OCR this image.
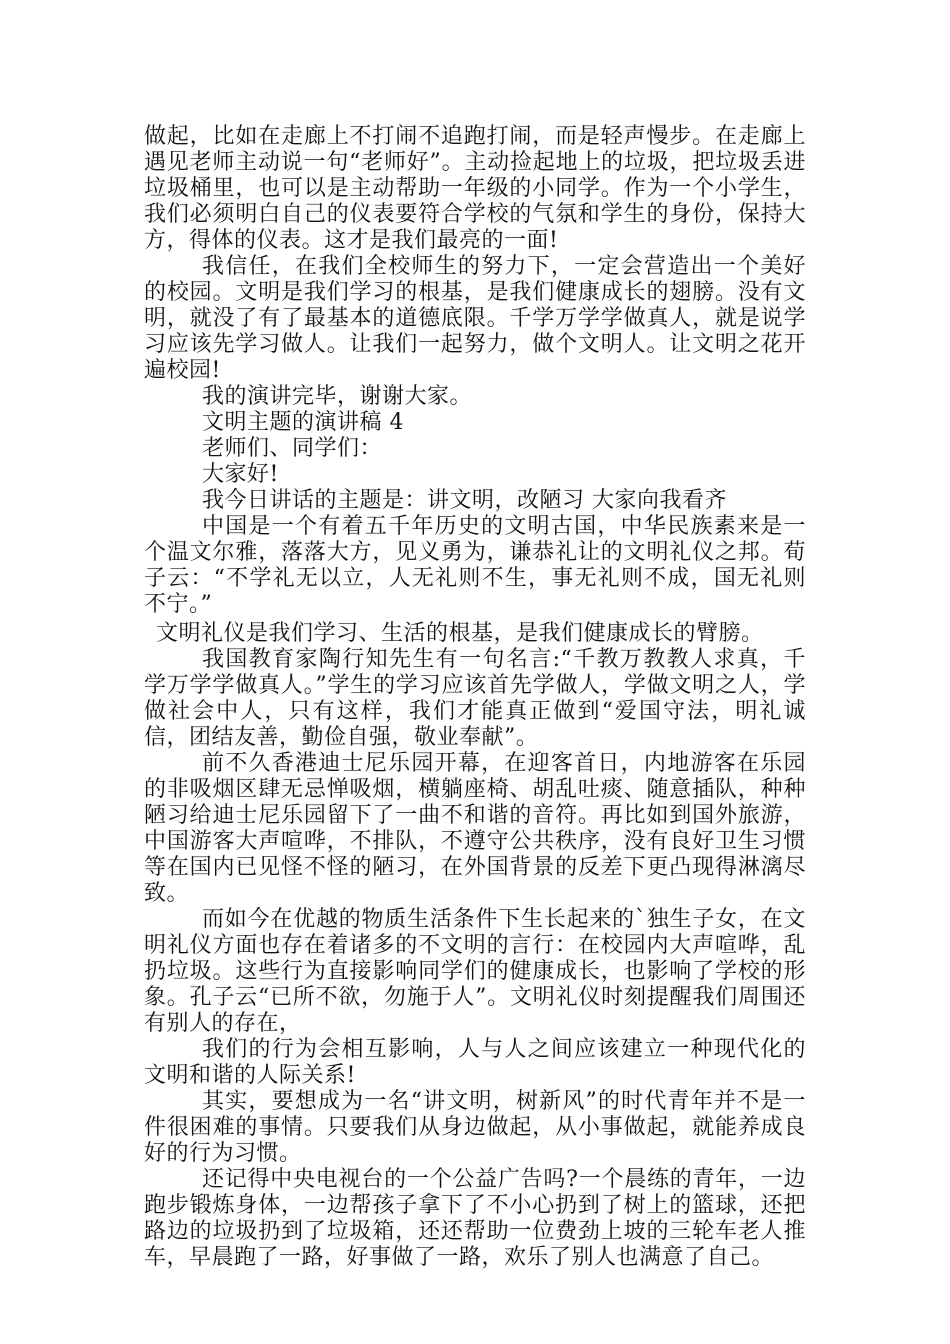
做起，比如在走廊上不打闹不追跑打闹，而是轻声慢步。在走廊上遇见老师主动说一句“老师好”。主动捡起地上的垃圾，把垃圾丢进垃圾桶里，也可以是主动帮助一年级的小同学。作为一个小学生，我们必须明白自己的仪表要符合学校的气氛和学生的身份，保持大方，得体的仪表。这才是我们最亮的一面!

我信任，在我们全校师生的努力下，一定会营造出一个美好的校园。文明是我们学习的根基，是我们健康成长的翅膀。没有文明，就没了有了最基本的道德底限。千学万学学做真人，就是说学习应该先学习做人。让我们一起努力，做个文明人。让文明之花开遍校园!

我的演讲完毕，谢谢大家。

文明主题的演讲稿 4

老师们、同学们：

大家好!

我今日讲话的主题是：讲文明，改陋习 大家向我看齐

中国是一个有着五千年历史的文明古国，中华民族素来是一个温文尔雅，落落大方，见义勇为，谦恭礼让的文明礼仪之邦。荀子云：“不学礼无以立，人无礼则不生，事无礼则不成，国无礼则不宁。”

文明礼仪是我们学习、生活的根基，是我们健康成长的臂膀。

我国教育家陶行知先生有一句名言:“千教万教教人求真，千学万学学做真人。”学生的学习应该首先学做人，学做文明之人，学做社会中人，只有这样，我们才能真正做到“爱国守法，明礼诚信，团结友善，勤俭自强，敬业奉献”。

前不久香港迪士尼乐园开幕，在迎客首日，内地游客在乐园的非吸烟区肆无忌惮吸烟，横躺座椅、胡乱吐痰、随意插队，种种陋习给迪士尼乐园留下了一曲不和谐的音符。再比如到国外旅游，中国游客大声喧哗，不排队，不遵守公共秩序，没有良好卫生习惯等在国内已见怪不怪的陋习，在外国背景的反差下更凸现得淋漓尽致。

而如今在优越的物质生活条件下生长起来的`独生子女，在文明礼仪方面也存在着诸多的不文明的言行：在校园内大声喧哗，乱扔垃圾。这些行为直接影响同学们的健康成长，也影响了学校的形象。孔子云“已所不欲，勿施于人”。文明礼仪时刻提醒我们周围还有别人的存在，

我们的行为会相互影响，人与人之间应该建立一种现代化的文明和谐的人际关系!

其实，要想成为一名“讲文明，树新风”的时代青年并不是一件很困难的事情。只要我们从身边做起，从小事做起，就能养成良好的行为习惯。

还记得中央电视台的一个公益广告吗?一个晨练的青年，一边跑步锻炼身体，一边帮孩子拿下了不小心扔到了树上的篮球，还把路边的垃圾扔到了垃圾箱，还还帮助一位费劲上坡的三轮车老人推车，早晨跑了一路，好事做了一路，欢乐了别人也满意了自己。
